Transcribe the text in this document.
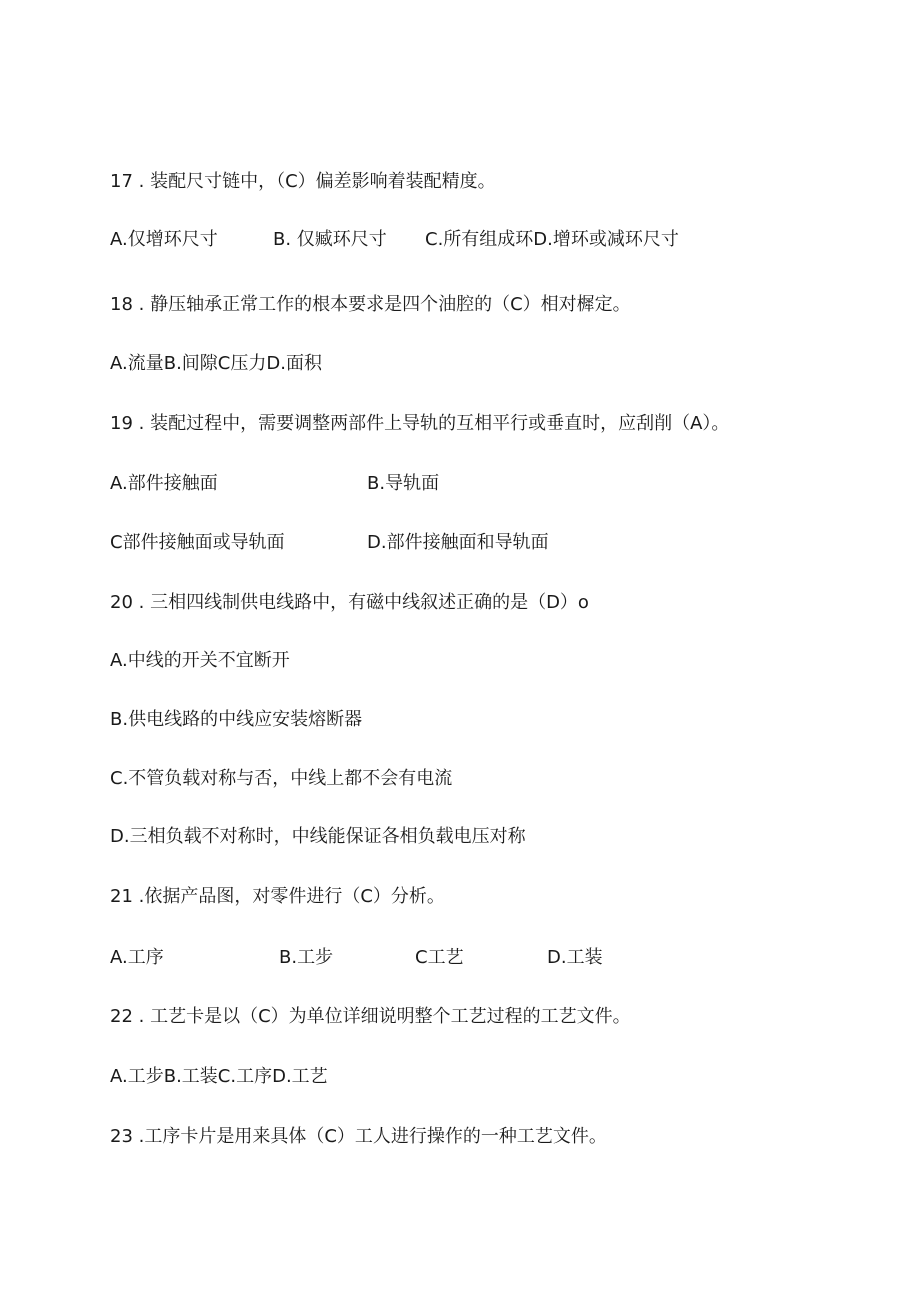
17 . 装配尺寸链中，（C）偏差影响着装配精度。
A.仅增环尺寸	B. 仅臧环尺寸 C.所有组成环D.增环或减环尺寸
18 . 静压轴承正常工作的根本要求是四个油腔的（C）相对樨定。
A.流量B.间隙C压力D.面积
19 . 装配过程中，需要调整两部件上导轨的互相平行或垂直时，应刮削（A）。
A.部件接触面	B.导轨面
C部件接触面或导轨面	D.部件接触面和导轨面
20 . 三相四线制供电线路中，有磁中线叙述正确的是（D）o
A.中线的开关不宜断开
B.供电线路的中线应安装熔断器
C.不管负载对称与否，中线上都不会有电流
D.三相负载不对称时，中线能保证各相负载电压对称
21 .依据产品图，对零件进行（C）分析。
A.工序	B.工步	C工艺	D.工装
22 . 工艺卡是以（C）为单位详细说明整个工艺过程的工艺文件。
A.工步B.工装C.工序D.工艺
23 .工序卡片是用来具体（C）工人进行操作的一种工艺文件。
